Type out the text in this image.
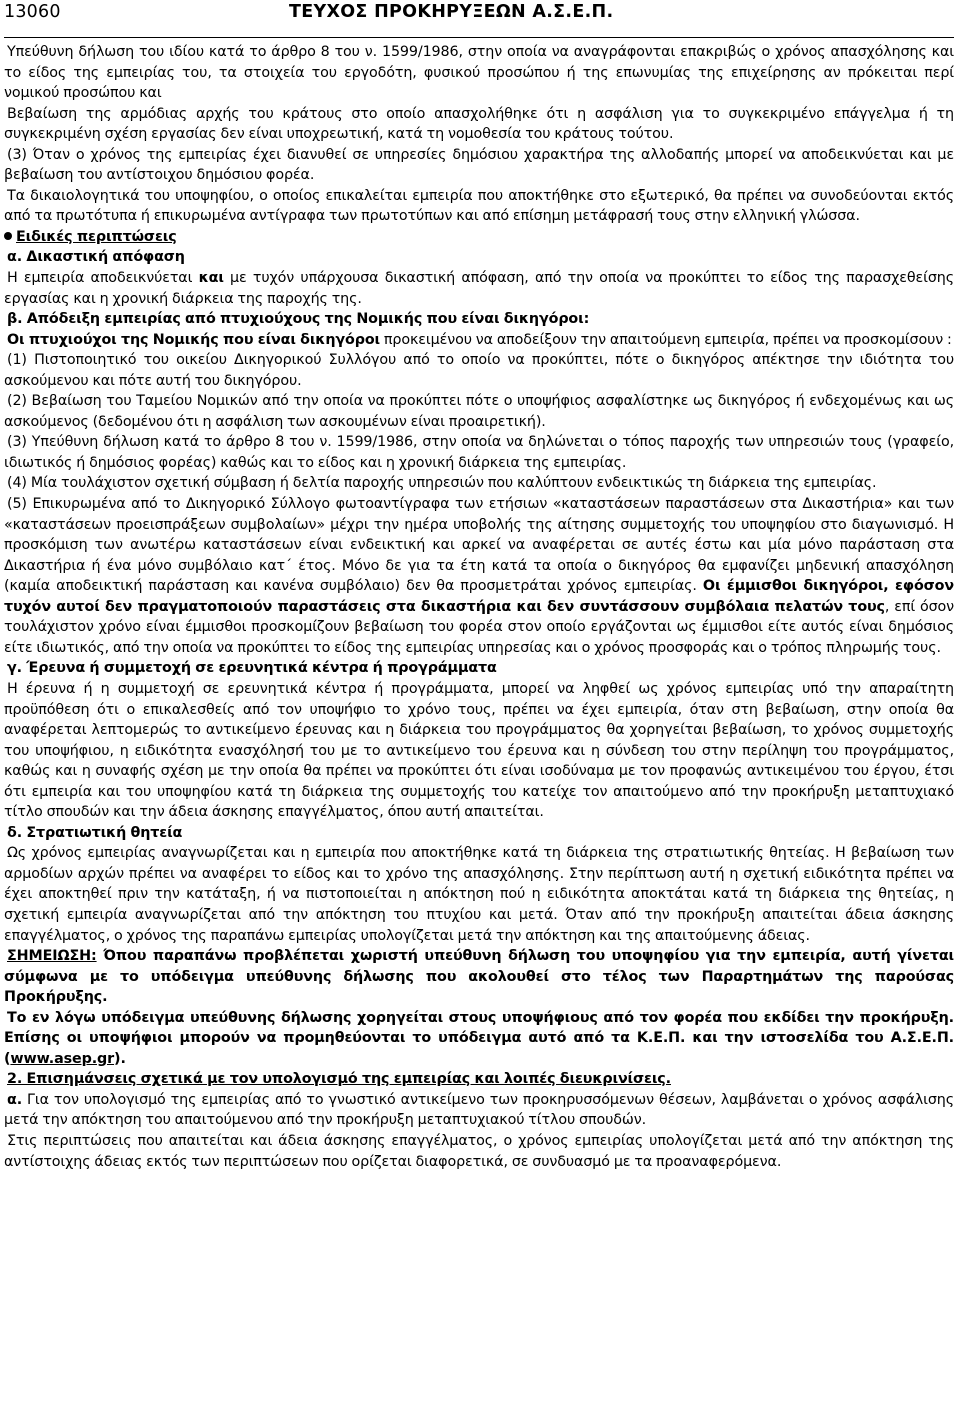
13060	ΤΕΥΧΟΣ ΠΡΟΚΗΡΥΞΕΩΝ Α.Σ.Ε.Π.

Υπεύθυνη δήλωση του ιδίου κατά το άρθρο 8 του ν. 1599/1986, στην οποία να αναγράφονται επακριβώς ο χρόνος απασχόλησης και το είδος της εμπειρίας του, τα στοιχεία του εργοδότη, φυσικού προσώπου ή της επωνυμίας της επιχείρησης αν πρόκειται περί νομικού προσώπου και

Βεβαίωση της αρμόδιας αρχής του κράτους στο οποίο απασχολήθηκε ότι η ασφάλιση για το συγκεκριμένο επάγγελμα ή τη συγκεκριμένη σχέση εργασίας δεν είναι υποχρεωτική, κατά τη νομοθεσία του κράτους τούτου.

(3) Όταν ο χρόνος της εμπειρίας έχει διανυθεί σε υπηρεσίες δημόσιου χαρακτήρα της αλλοδαπής μπορεί να αποδεικνύεται και με βεβαίωση του αντίστοιχου δημόσιου φορέα.

Τα δικαιολογητικά του υποψηφίου, ο οποίος επικαλείται εμπειρία που αποκτήθηκε στο εξωτερικό, θα πρέπει να συνοδεύονται εκτός από τα πρωτότυπα ή επικυρωμένα αντίγραφα των πρωτοτύπων και από επίσημη μετάφρασή τους στην ελληνική γλώσσα.

Ειδικές περιπτώσεις

α. Δικαστική απόφαση

Η εμπειρία αποδεικνύεται και με τυχόν υπάρχουσα δικαστική απόφαση, από την οποία να προκύπτει το είδος της παρασχεθείσης εργασίας και η χρονική διάρκεια της παροχής της.

β. Απόδειξη εμπειρίας από πτυχιούχους της Νομικής που είναι δικηγόροι:

Οι πτυχιούχοι της Νομικής που είναι δικηγόροι προκειμένου να αποδείξουν την απαιτούμενη εμπειρία, πρέπει να προσκομίσουν :

(1) Πιστοποιητικό του οικείου Δικηγορικού Συλλόγου από το οποίο να προκύπτει, πότε ο δικηγόρος απέκτησε την ιδιότητα του ασκούμενου και πότε αυτή του δικηγόρου.

(2) Βεβαίωση του Ταμείου Νομικών από την οποία να προκύπτει πότε ο υποψήφιος ασφαλίστηκε ως δικηγόρος ή ενδεχομένως και ως ασκούμενος (δεδομένου ότι η ασφάλιση των ασκουμένων είναι προαιρετική).

(3) Υπεύθυνη δήλωση κατά το άρθρο 8 του ν. 1599/1986, στην οποία να δηλώνεται ο τόπος παροχής των υπηρεσιών τους (γραφείο, ιδιωτικός ή δημόσιος φορέας) καθώς και το είδος και η χρονική διάρκεια της εμπειρίας.

(4) Μία τουλάχιστον σχετική σύμβαση ή δελτία παροχής υπηρεσιών που καλύπτουν ενδεικτικώς τη διάρκεια της εμπειρίας.

(5) Επικυρωμένα από το Δικηγορικό Σύλλογο φωτοαντίγραφα των ετήσιων «καταστάσεων παραστάσεων στα Δικαστήρια» και των «καταστάσεων προεισπράξεων συμβολαίων» μέχρι την ημέρα υποβολής της αίτησης συμμετοχής του υποψηφίου στο διαγωνισμό. Η προσκόμιση των ανωτέρω καταστάσεων είναι ενδεικτική και αρκεί να αναφέρεται σε αυτές έστω και μία μόνο παράσταση στα Δικαστήρια ή ένα μόνο συμβόλαιο κατ΄ έτος. Μόνο δε για τα έτη κατά τα οποία ο δικηγόρος θα εμφανίζει μηδενική απασχόληση (καμία αποδεικτική παράσταση και κανένα συμβόλαιο) δεν θα προσμετράται χρόνος εμπειρίας. Οι έμμισθοι δικηγόροι, εφόσον τυχόν αυτοί δεν πραγματοποιούν παραστάσεις στα δικαστήρια και δεν συντάσσουν συμβόλαια πελατών τους, επί όσον τουλάχιστον χρόνο είναι έμμισθοι προσκομίζουν βεβαίωση του φορέα στον οποίο εργάζονται ως έμμισθοι είτε αυτός είναι δημόσιος είτε ιδιωτικός, από την οποία να προκύπτει το είδος της εμπειρίας υπηρεσίας και ο χρόνος προσφοράς και ο τρόπος πληρωμής τους.

γ. Έρευνα ή συμμετοχή σε ερευνητικά κέντρα ή προγράμματα

Η έρευνα ή η συμμετοχή σε ερευνητικά κέντρα ή προγράμματα, μπορεί να ληφθεί ως χρόνος εμπειρίας υπό την απαραίτητη προϋπόθεση ότι ο επικαλεσθείς από τον υποψήφιο το χρόνο τους, πρέπει να έχει εμπειρία, όταν στη βεβαίωση, στην οποία θα αναφέρεται λεπτομερώς το αντικείμενο έρευνας και η διάρκεια του προγράμματος θα χορηγείται βεβαίωση, το χρόνος συμμετοχής του υποψήφιου, η ειδικότητα ενασχόλησή του με το αντικείμενο του έρευνα και η σύνδεση του στην περίληψη του προγράμματος, καθώς και η συναφής σχέση με την οποία θα πρέπει να προκύπτει ότι είναι ισοδύναμα με τον προφανώς αντικειμένου του έργου, έτσι ότι εμπειρία και του υποψηφίου κατά τη διάρκεια της συμμετοχής του κατείχε τον απαιτούμενο από την προκήρυξη μεταπτυχιακό τίτλο σπουδών και την άδεια άσκησης επαγγέλματος, όπου αυτή απαιτείται.

δ. Στρατιωτική θητεία

Ως χρόνος εμπειρίας αναγνωρίζεται και η εμπειρία που αποκτήθηκε κατά τη διάρκεια της στρατιωτικής θητείας. Η βεβαίωση των αρμοδίων αρχών πρέπει να αναφέρει το είδος και το χρόνο της απασχόλησης. Στην περίπτωση αυτή η σχετική ειδικότητα πρέπει να έχει αποκτηθεί πριν την κατάταξη, ή να πιστοποιείται η απόκτηση πού η ειδικότητα αποκτάται κατά τη διάρκεια της θητείας, η σχετική εμπειρία αναγνωρίζεται από την απόκτηση του πτυχίου και μετά. Όταν από την προκήρυξη απαιτείται άδεια άσκησης επαγγέλματος, ο χρόνος της παραπάνω εμπειρίας υπολογίζεται μετά την απόκτηση και της απαιτούμενης άδειας.

ΣΗΜΕΙΩΣΗ: Όπου παραπάνω προβλέπεται χωριστή υπεύθυνη δήλωση του υποψηφίου για την εμπειρία, αυτή γίνεται σύμφωνα με το υπόδειγμα υπεύθυνης δήλωσης που ακολουθεί στο τέλος των Παραρτημάτων της παρούσας Προκήρυξης.

Το εν λόγω υπόδειγμα υπεύθυνης δήλωσης χορηγείται στους υποψήφιους από τον φορέα που εκδίδει την προκήρυξη. Επίσης οι υποψήφιοι μπορούν να προμηθεύονται το υπόδειγμα αυτό από τα Κ.Ε.Π. και την ιστοσελίδα του Α.Σ.Ε.Π. (www.asep.gr).

2. Επισημάνσεις σχετικά με τον υπολογισμό της εμπειρίας και λοιπές διευκρινίσεις.

α. Για τον υπολογισμό της εμπειρίας από το γνωστικό αντικείμενο των προκηρυσσόμενων θέσεων, λαμβάνεται ο χρόνος ασφάλισης μετά την απόκτηση του απαιτούμενου από την προκήρυξη μεταπτυχιακού τίτλου σπουδών.

Στις περιπτώσεις που απαιτείται και άδεια άσκησης επαγγέλματος, ο χρόνος εμπειρίας υπολογίζεται μετά από την απόκτηση της αντίστοιχης άδειας εκτός των περιπτώσεων που ορίζεται διαφορετικά, σε συνδυασμό με τα προαναφερόμενα.
